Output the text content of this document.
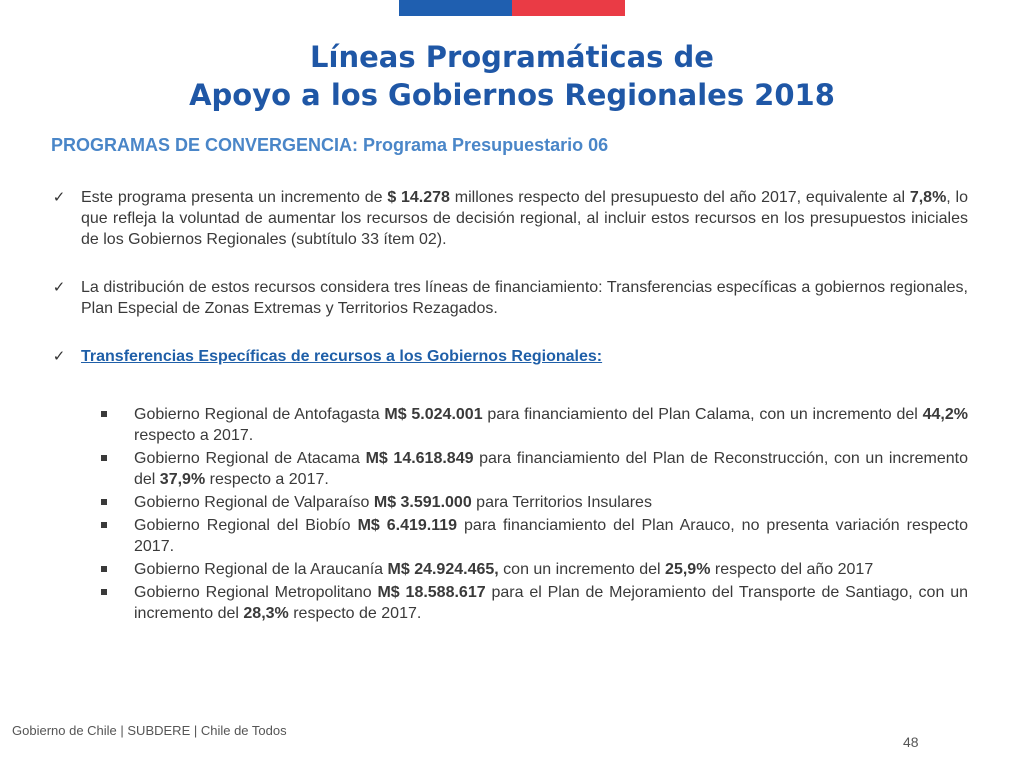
Líneas Programáticas de
Apoyo a los Gobiernos Regionales 2018
PROGRAMAS DE CONVERGENCIA: Programa Presupuestario 06
✓ Este programa presenta un incremento de $ 14.278 millones respecto del presupuesto del año 2017, equivalente al 7,8%, lo que refleja la voluntad de aumentar los recursos de decisión regional, al incluir estos recursos en los presupuestos iniciales de los Gobiernos Regionales (subtítulo 33 ítem 02).
✓ La distribución de estos recursos considera tres líneas de financiamiento: Transferencias específicas a gobiernos regionales, Plan Especial de Zonas Extremas y Territorios Rezagados.
✓ Transferencias Específicas de recursos a los Gobiernos Regionales:
Gobierno Regional de Antofagasta M$ 5.024.001 para financiamiento del Plan Calama, con un incremento del 44,2% respecto a 2017.
Gobierno Regional de Atacama M$ 14.618.849 para financiamiento del Plan de Reconstrucción, con un incremento del 37,9% respecto a 2017.
Gobierno Regional de Valparaíso M$ 3.591.000 para Territorios Insulares
Gobierno Regional del Biobío M$ 6.419.119 para financiamiento del Plan Arauco, no presenta variación respecto 2017.
Gobierno Regional de la Araucanía M$ 24.924.465, con un incremento del 25,9% respecto del año 2017
Gobierno Regional Metropolitano M$ 18.588.617 para el Plan de Mejoramiento del Transporte de Santiago, con un incremento del 28,3% respecto de 2017.
Gobierno de Chile | SUBDERE | Chile de Todos
48
